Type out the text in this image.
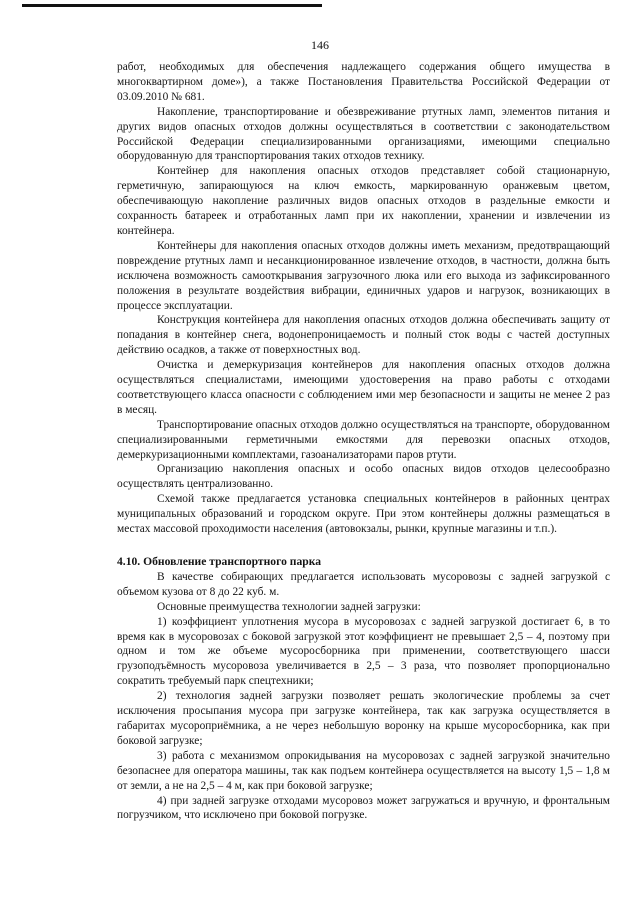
146

работ, необходимых для обеспечения надлежащего содержания общего имущества в многоквартирном доме»), а также Постановления Правительства Российской Федерации от 03.09.2010 № 681.

Накопление, транспортирование и обезвреживание ртутных ламп, элементов питания и других видов опасных отходов должны осуществляться в соответствии с законодательством Российской Федерации специализированными организациями, имеющими специально оборудованную для транспортирования таких отходов технику.

Контейнер для накопления опасных отходов представляет собой стационарную, герметичную, запирающуюся на ключ емкость, маркированную оранжевым цветом, обеспечивающую накопление различных видов опасных отходов в раздельные емкости и сохранность батареек и отработанных ламп при их накоплении, хранении и извлечении из контейнера.

Контейнеры для накопления опасных отходов должны иметь механизм, предотвращающий повреждение ртутных ламп и несанкционированное извлечение отходов, в частности, должна быть исключена возможность самооткрывания загрузочного люка или его выхода из зафиксированного положения в результате воздействия вибрации, единичных ударов и нагрузок, возникающих в процессе эксплуатации.

Конструкция контейнера для накопления опасных отходов должна обеспечивать защиту от попадания в контейнер снега, водонепроницаемость и полный сток воды с частей доступных действию осадков, а также от поверхностных вод.

Очистка и демеркуризация контейнеров для накопления опасных отходов должна осуществляться специалистами, имеющими удостоверения на право работы с отходами соответствующего класса опасности с соблюдением ими мер безопасности и защиты не менее 2 раз в месяц.

Транспортирование опасных отходов должно осуществляться на транспорте, оборудованном специализированными герметичными емкостями для перевозки опасных отходов, демеркуризационными комплектами, газоанализаторами паров ртути.

Организацию накопления опасных и особо опасных видов отходов целесообразно осуществлять централизованно.

Схемой также предлагается установка специальных контейнеров в районных центрах муниципальных образований и городском округе. При этом контейнеры должны размещаться в местах массовой проходимости населения (автовокзалы, рынки, крупные магазины и т.п.).

4.10. Обновление транспортного парка

В качестве собирающих предлагается использовать мусоровозы с задней загрузкой с объемом кузова от 8 до 22 куб. м.

Основные преимущества технологии задней загрузки:

1) коэффициент уплотнения мусора в мусоровозах с задней загрузкой достигает 6, в то время как в мусоровозах с боковой загрузкой этот коэффициент не превышает 2,5 – 4, поэтому при одном и том же объеме мусоросборника при применении, соответствующего шасси грузоподъёмность мусоровоза увеличивается в 2,5 – 3 раза, что позволяет пропорционально сократить требуемый парк спецтехники;

2) технология задней загрузки позволяет решать экологические проблемы за счет исключения просыпания мусора при загрузке контейнера, так как загрузка осуществляется в габаритах мусороприёмника, а не через небольшую воронку на крыше мусоросборника, как при боковой загрузке;

3) работа с механизмом опрокидывания на мусоровозах с задней загрузкой значительно безопаснее для оператора машины, так как подъем контейнера осуществляется на высоту 1,5 – 1,8 м от земли, а не на 2,5 – 4 м, как при боковой загрузке;

4) при задней загрузке отходами мусоровоз может загружаться и вручную, и фронтальным погрузчиком, что исключено при боковой погрузке.
